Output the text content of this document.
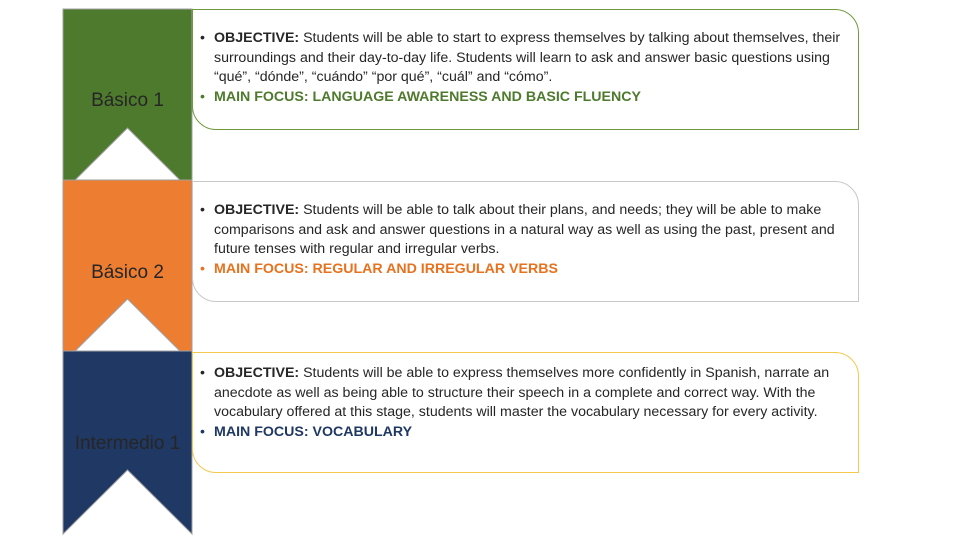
Básico 1
Básico 2
Intermedio 1
• OBJECTIVE: Students will be able to start to express themselves by talking about themselves, their surroundings and their day-to-day life. Students will learn to ask and answer basic questions using “qué”, “dónde”, “cuándo” “por qué”, “cuál” and “cómo”.
• MAIN FOCUS: LANGUAGE AWARENESS AND BASIC FLUENCY
• OBJECTIVE: Students will be able to talk about their plans, and needs; they will be able to make comparisons and ask and answer questions in a natural way as well as using the past, present and future tenses with regular and irregular verbs.
• MAIN FOCUS: REGULAR AND IRREGULAR VERBS
• OBJECTIVE: Students will be able to express themselves more confidently in Spanish, narrate an anecdote as well as being able to structure their speech in a complete and correct way. With the vocabulary offered at this stage, students will master the vocabulary necessary for every activity.
• MAIN FOCUS: VOCABULARY
